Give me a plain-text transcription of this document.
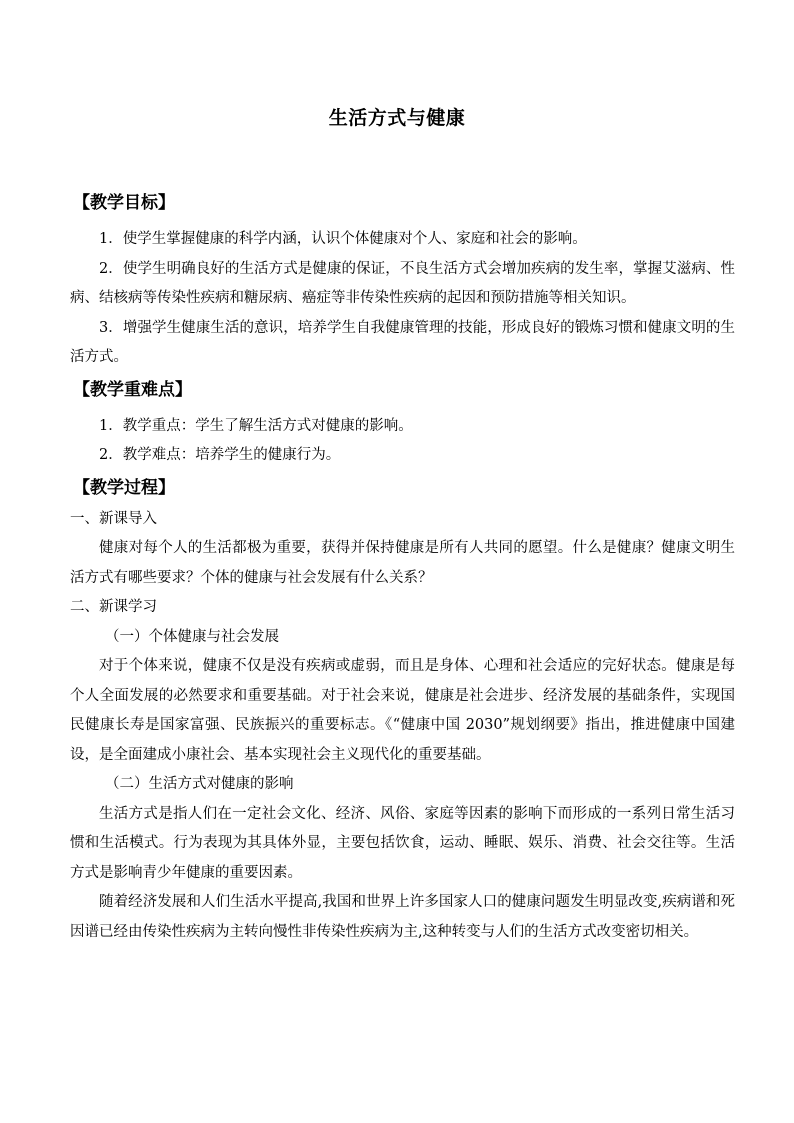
生活方式与健康
【教学目标】

1．使学生掌握健康的科学内涵，认识个体健康对个人、家庭和社会的影响。

2．使学生明确良好的生活方式是健康的保证，不良生活方式会增加疾病的发生率，掌握艾滋病、性病、结核病等传染性疾病和糖尿病、癌症等非传染性疾病的起因和预防措施等相关知识。

3．增强学生健康生活的意识，培养学生自我健康管理的技能，形成良好的锻炼习惯和健康文明的生活方式。

【教学重难点】

1．教学重点：学生了解生活方式对健康的影响。

2．教学难点：培养学生的健康行为。

【教学过程】

一、新课导入

健康对每个人的生活都极为重要，获得并保持健康是所有人共同的愿望。什么是健康？健康文明生活方式有哪些要求？个体的健康与社会发展有什么关系？

二、新课学习

（一）个体健康与社会发展

对于个体来说，健康不仅是没有疾病或虚弱，而且是身体、心理和社会适应的完好状态。健康是每个人全面发展的必然要求和重要基础。对于社会来说，健康是社会进步、经济发展的基础条件，实现国民健康长寿是国家富强、民族振兴的重要标志。《“健康中国 2030”规划纲要》指出，推进健康中国建设，是全面建成小康社会、基本实现社会主义现代化的重要基础。

（二）生活方式对健康的影响

生活方式是指人们在一定社会文化、经济、风俗、家庭等因素的影响下而形成的一系列日常生活习惯和生活模式。行为表现为其具体外显，主要包括饮食，运动、睡眠、娱乐、消费、社会交往等。生活方式是影响青少年健康的重要因素。

随着经济发展和人们生活水平提高,我国和世界上许多国家人口的健康问题发生明显改变,疾病谱和死因谱已经由传染性疾病为主转向慢性非传染性疾病为主,这种转变与人们的生活方式改变密切相关。
